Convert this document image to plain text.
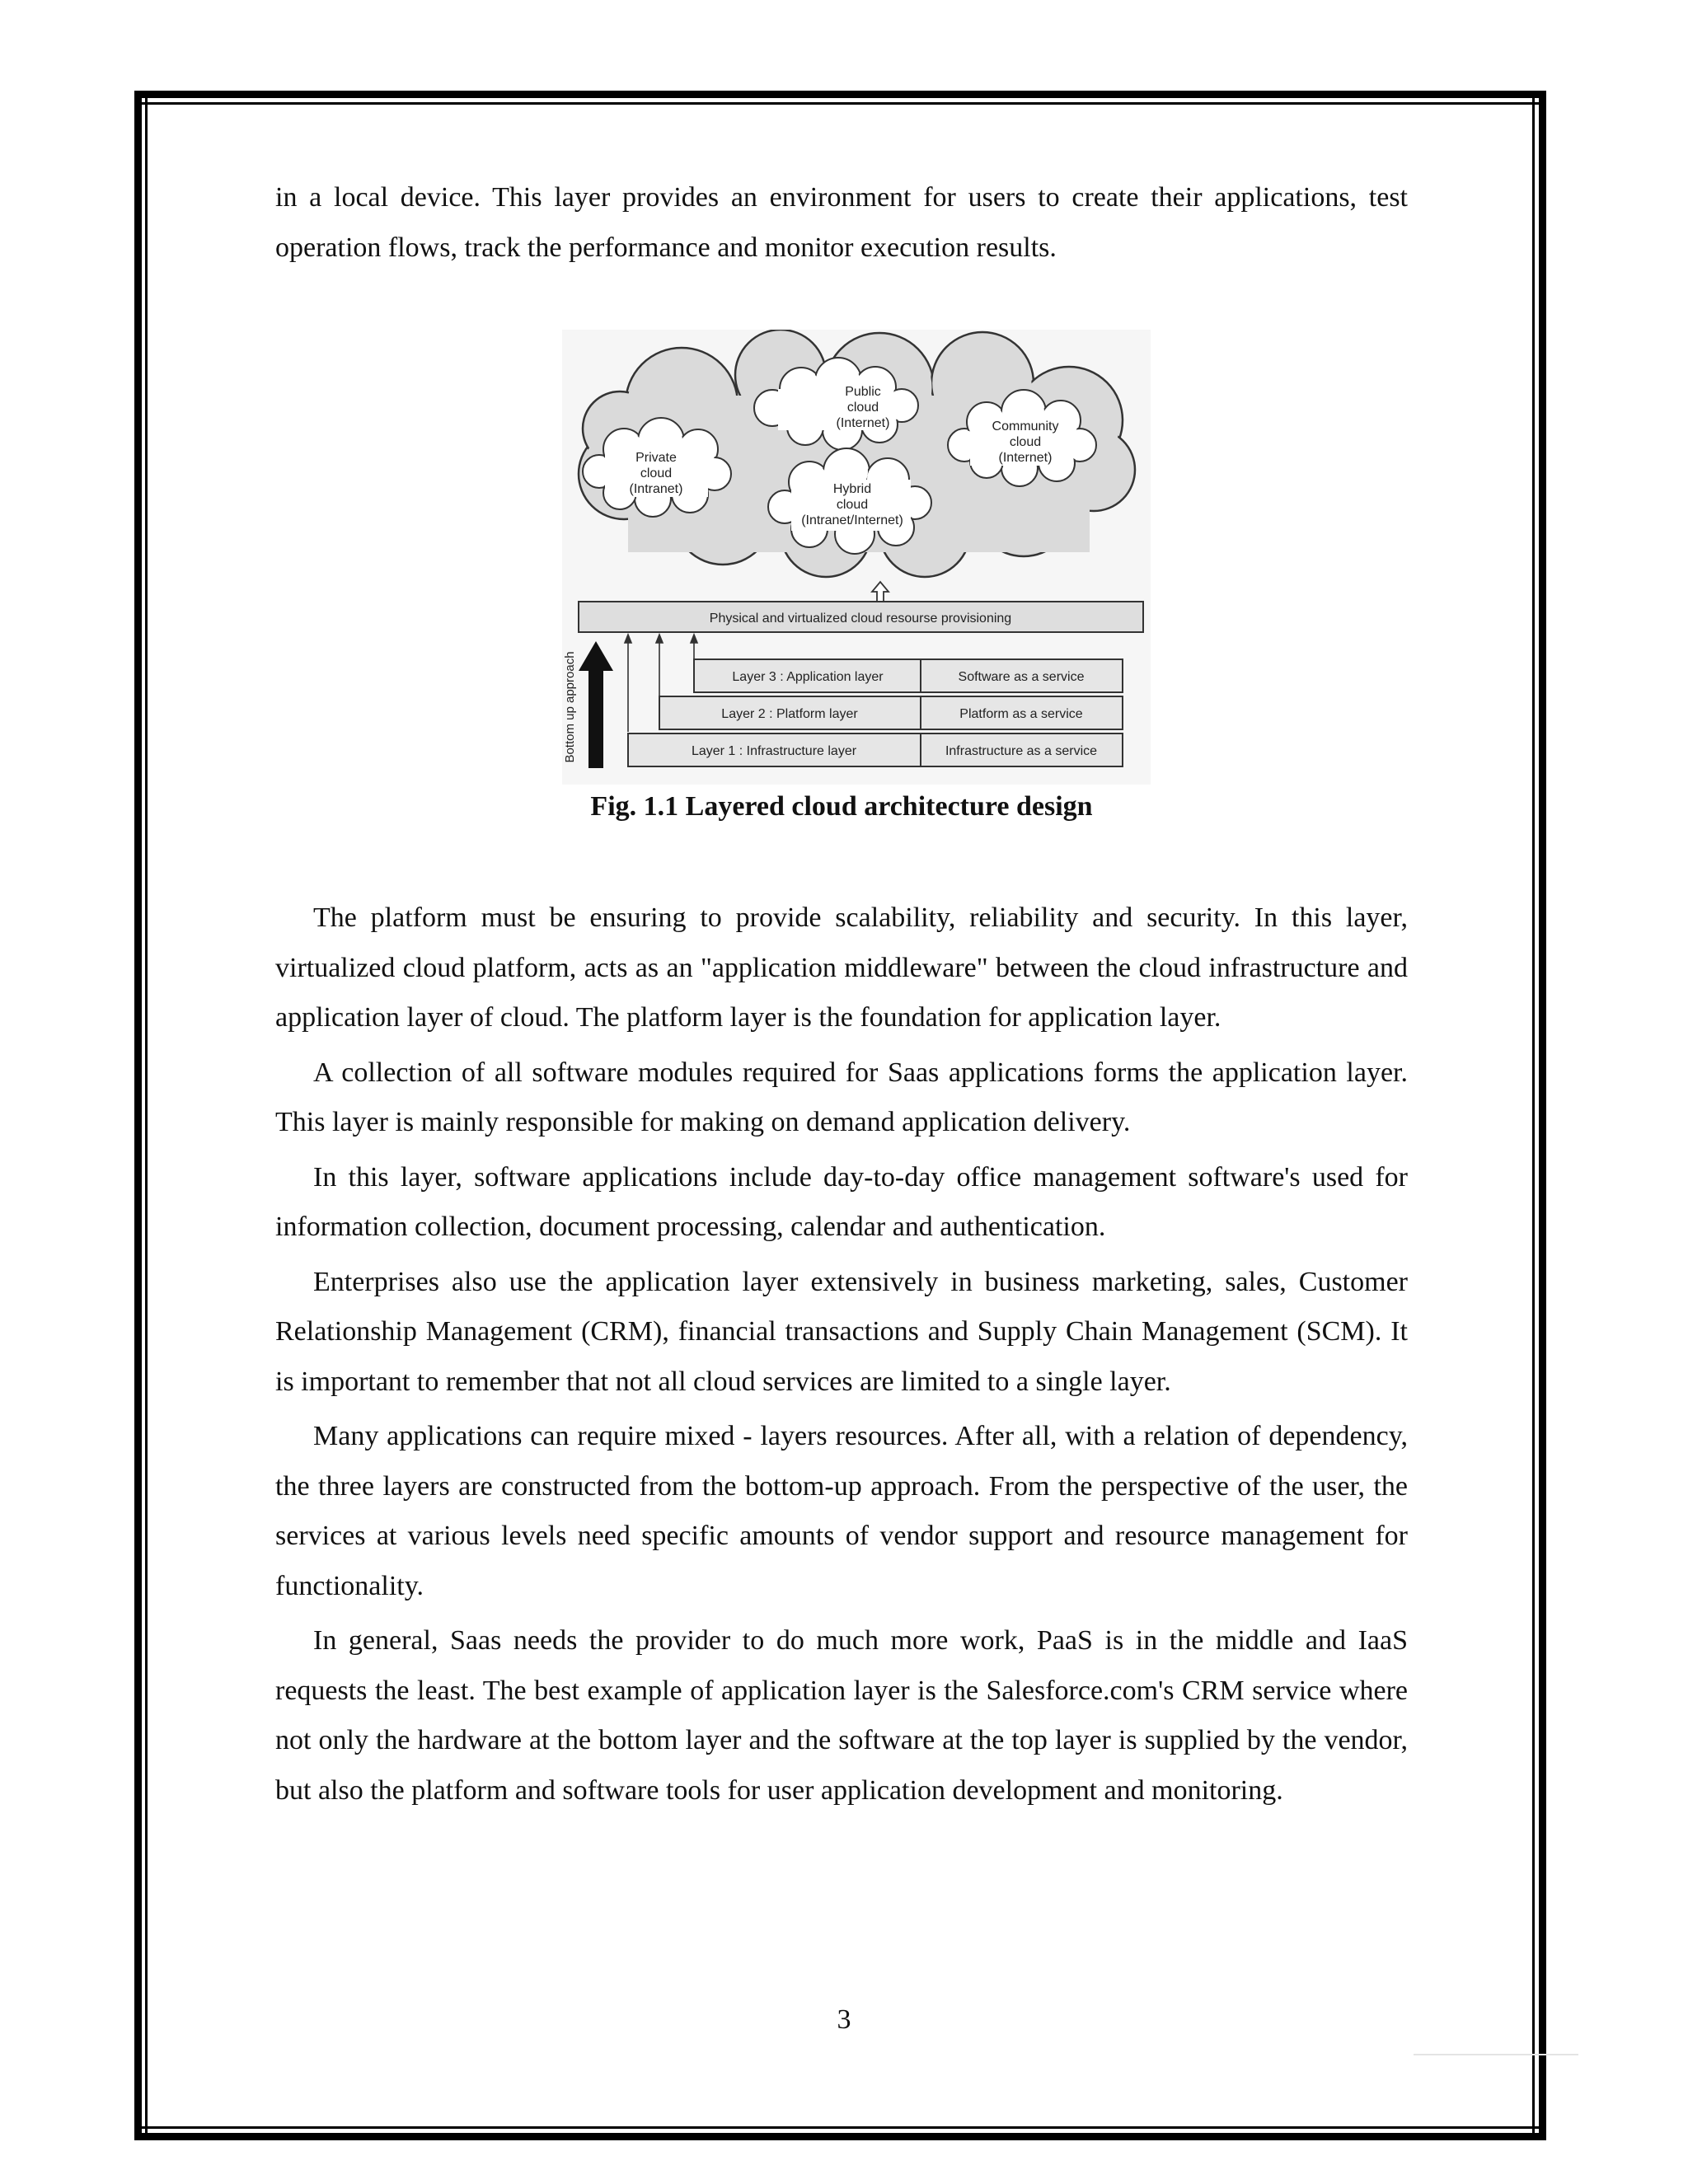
in a local device. This layer provides an environment for users to create their applications, test operation flows, track the performance and monitor execution results.

Public
cloud
(Internet)	Community
cloud
(Internet)
Private
cloud
(Intranet)	Hybrid
cloud
(Intranet/Internet)
Physical and virtualized cloud resourse provisioning
Bottom up approach	Layer 3 : Application layer	Software as a service
Layer 2 : Platform layer	Platform as a service
Layer 1 : Infrastructure layer	Infrastructure as a service
Fig. 1.1 Layered cloud architecture design

The platform must be ensuring to provide scalability, reliability and security. In this layer, virtualized cloud platform, acts as an "application middleware" between the cloud infrastructure and application layer of cloud. The platform layer is the foundation for application layer.

A collection of all software modules required for Saas applications forms the application layer. This layer is mainly responsible for making on demand application delivery.

In this layer, software applications include day-to-day office management software's used for information collection, document processing, calendar and authentication.

Enterprises also use the application layer extensively in business marketing, sales, Customer Relationship Management (CRM), financial transactions and Supply Chain Management (SCM). It is important to remember that not all cloud services are limited to a single layer.

Many applications can require mixed - layers resources. After all, with a relation of dependency, the three layers are constructed from the bottom-up approach. From the perspective of the user, the services at various levels need specific amounts of vendor support and resource management for functionality.

In general, Saas needs the provider to do much more work, PaaS is in the middle and IaaS requests the least. The best example of application layer is the Salesforce.com's CRM service where not only the hardware at the bottom layer and the software at the top layer is supplied by the vendor, but also the platform and software tools for user application development and monitoring.

3
